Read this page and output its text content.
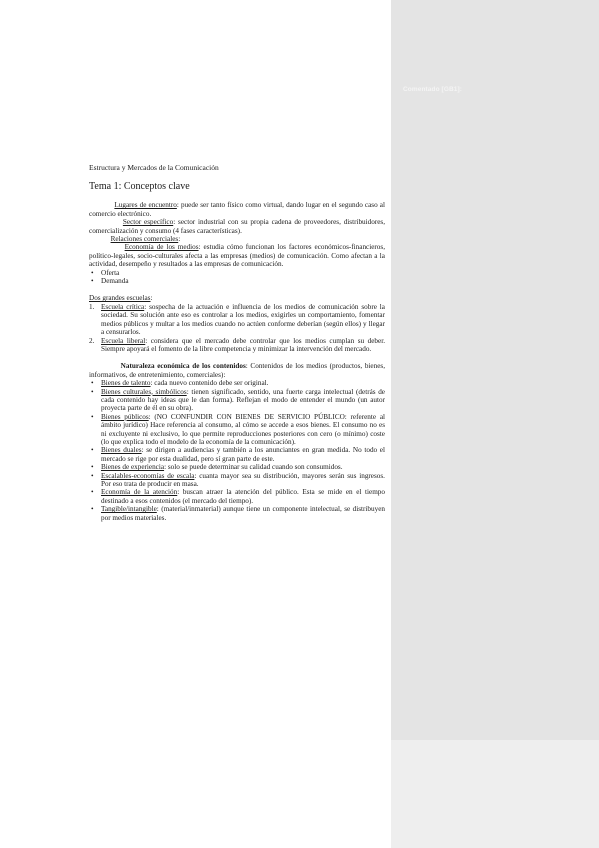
Estructura y Mercados de la Comunicación

Tema 1: Conceptos clave

Lugares de encuentro: puede ser tanto físico como virtual, dando lugar en el segundo caso al comercio electrónico.

Sector específico: sector industrial con su propia cadena de proveedores, distribuidores, comercialización y consumo (4 fases características).

Relaciones comerciales:

Economía de los medios: estudia cómo funcionan los factores económicos-financieros, político-legales, socio-culturales afecta a las empresas (medios) de comunicación. Como afectan a la actividad, desempeño y resultados a las empresas de comunicación.

• Oferta
• Demanda

Dos grandes escuelas:

1. Escuela crítica: sospecha de la actuación e influencia de los medios de comunicación sobre la sociedad. Su solución ante eso es controlar a los medios, exigirles un comportamiento, fomentar medios públicos y multar a los medios cuando no actúen conforme deberían (según ellos) y llegar a censurarlos.
2. Escuela liberal: considera que el mercado debe controlar que los medios cumplan su deber. Siempre apoyará el fomento de la libre competencia y minimizar la intervención del mercado.

Naturaleza económica de los contenidos: Contenidos de los medios (productos, bienes, informativos, de entretenimiento, comerciales):

• Bienes de talento: cada nuevo contenido debe ser original.
• Bienes culturales, simbólicos: tienen significado, sentido, una fuerte carga intelectual (detrás de cada contenido hay ideas que le dan forma). Reflejan el modo de entender el mundo (un autor proyecta parte de él en su obra).
• Bienes públicos: (NO CONFUNDIR CON BIENES DE SERVICIO PÚBLICO: referente al ámbito jurídico) Hace referencia al consumo, al cómo se accede a esos bienes. El consumo no es ni excluyente ni exclusivo, lo que permite reproducciones posteriores con cero (o mínimo) coste (lo que explica todo el modelo de la economía de la comunicación).
• Bienes duales: se dirigen a audiencias y también a los anunciantes en gran medida. No todo el mercado se rige por esta dualidad, pero sí gran parte de este.
• Bienes de experiencia: solo se puede determinar su calidad cuando son consumidos.
• Escalables-economías de escala: cuanta mayor sea su distribución, mayores serán sus ingresos. Por eso trata de producir en masa.
• Economía de la atención: buscan atraer la atención del público. Esta se mide en el tiempo destinado a esos contenidos (el mercado del tiempo).
• Tangible/intangible: (material/inmaterial) aunque tiene un componente intelectual, se distribuyen por medios materiales.
Comentado [GB1]:
